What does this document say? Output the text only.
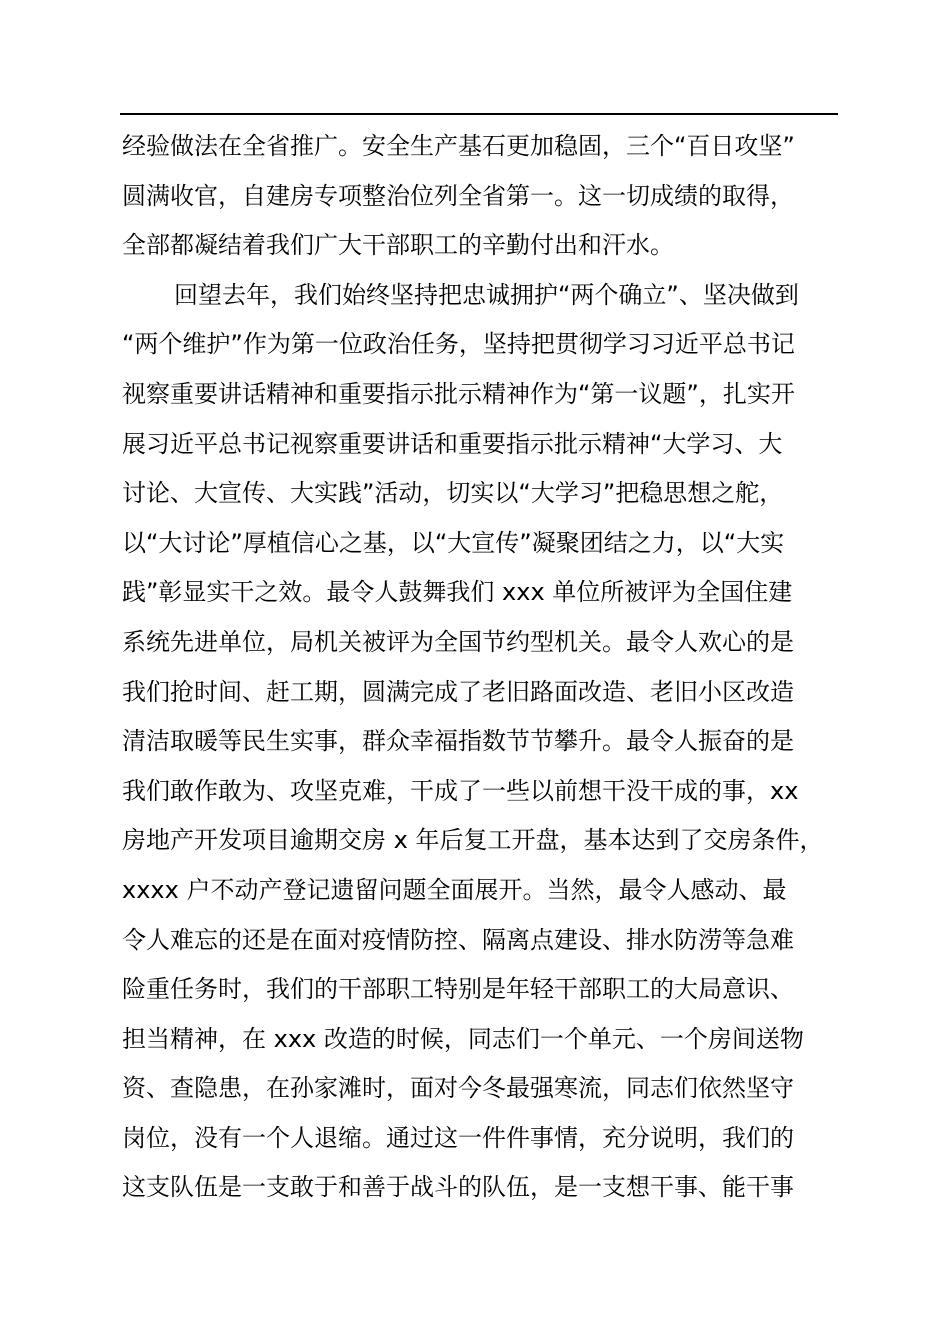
经验做法在全省推广。安全生产基石更加稳固，三个“百日攻坚”
圆满收官，自建房专项整治位列全省第一。这一切成绩的取得，
全部都凝结着我们广大干部职工的辛勤付出和汗水。
回望去年，我们始终坚持把忠诚拥护“两个确立”、坚决做到
“两个维护”作为第一位政治任务，坚持把贯彻学习习近平总书记
视察重要讲话精神和重要指示批示精神作为“第一议题”，扎实开
展习近平总书记视察重要讲话和重要指示批示精神“大学习、大
讨论、大宣传、大实践”活动，切实以“大学习”把稳思想之舵，
以“大讨论”厚植信心之基，以“大宣传”凝聚团结之力，以“大实
践”彰显实干之效。最令人鼓舞我们 xxx 单位所被评为全国住建
系统先进单位，局机关被评为全国节约型机关。最令人欢心的是
我们抢时间、赶工期，圆满完成了老旧路面改造、老旧小区改造
清洁取暖等民生实事，群众幸福指数节节攀升。最令人振奋的是
我们敢作敢为、攻坚克难，干成了一些以前想干没干成的事，xx
房地产开发项目逾期交房 x 年后复工开盘，基本达到了交房条件，
xxxx 户不动产登记遗留问题全面展开。当然，最令人感动、最
令人难忘的还是在面对疫情防控、隔离点建设、排水防涝等急难
险重任务时，我们的干部职工特别是年轻干部职工的大局意识、
担当精神，在 xxx 改造的时候，同志们一个单元、一个房间送物
资、查隐患，在孙家滩时，面对今冬最强寒流，同志们依然坚守
岗位，没有一个人退缩。通过这一件件事情，充分说明，我们的
这支队伍是一支敢于和善于战斗的队伍，是一支想干事、能干事
